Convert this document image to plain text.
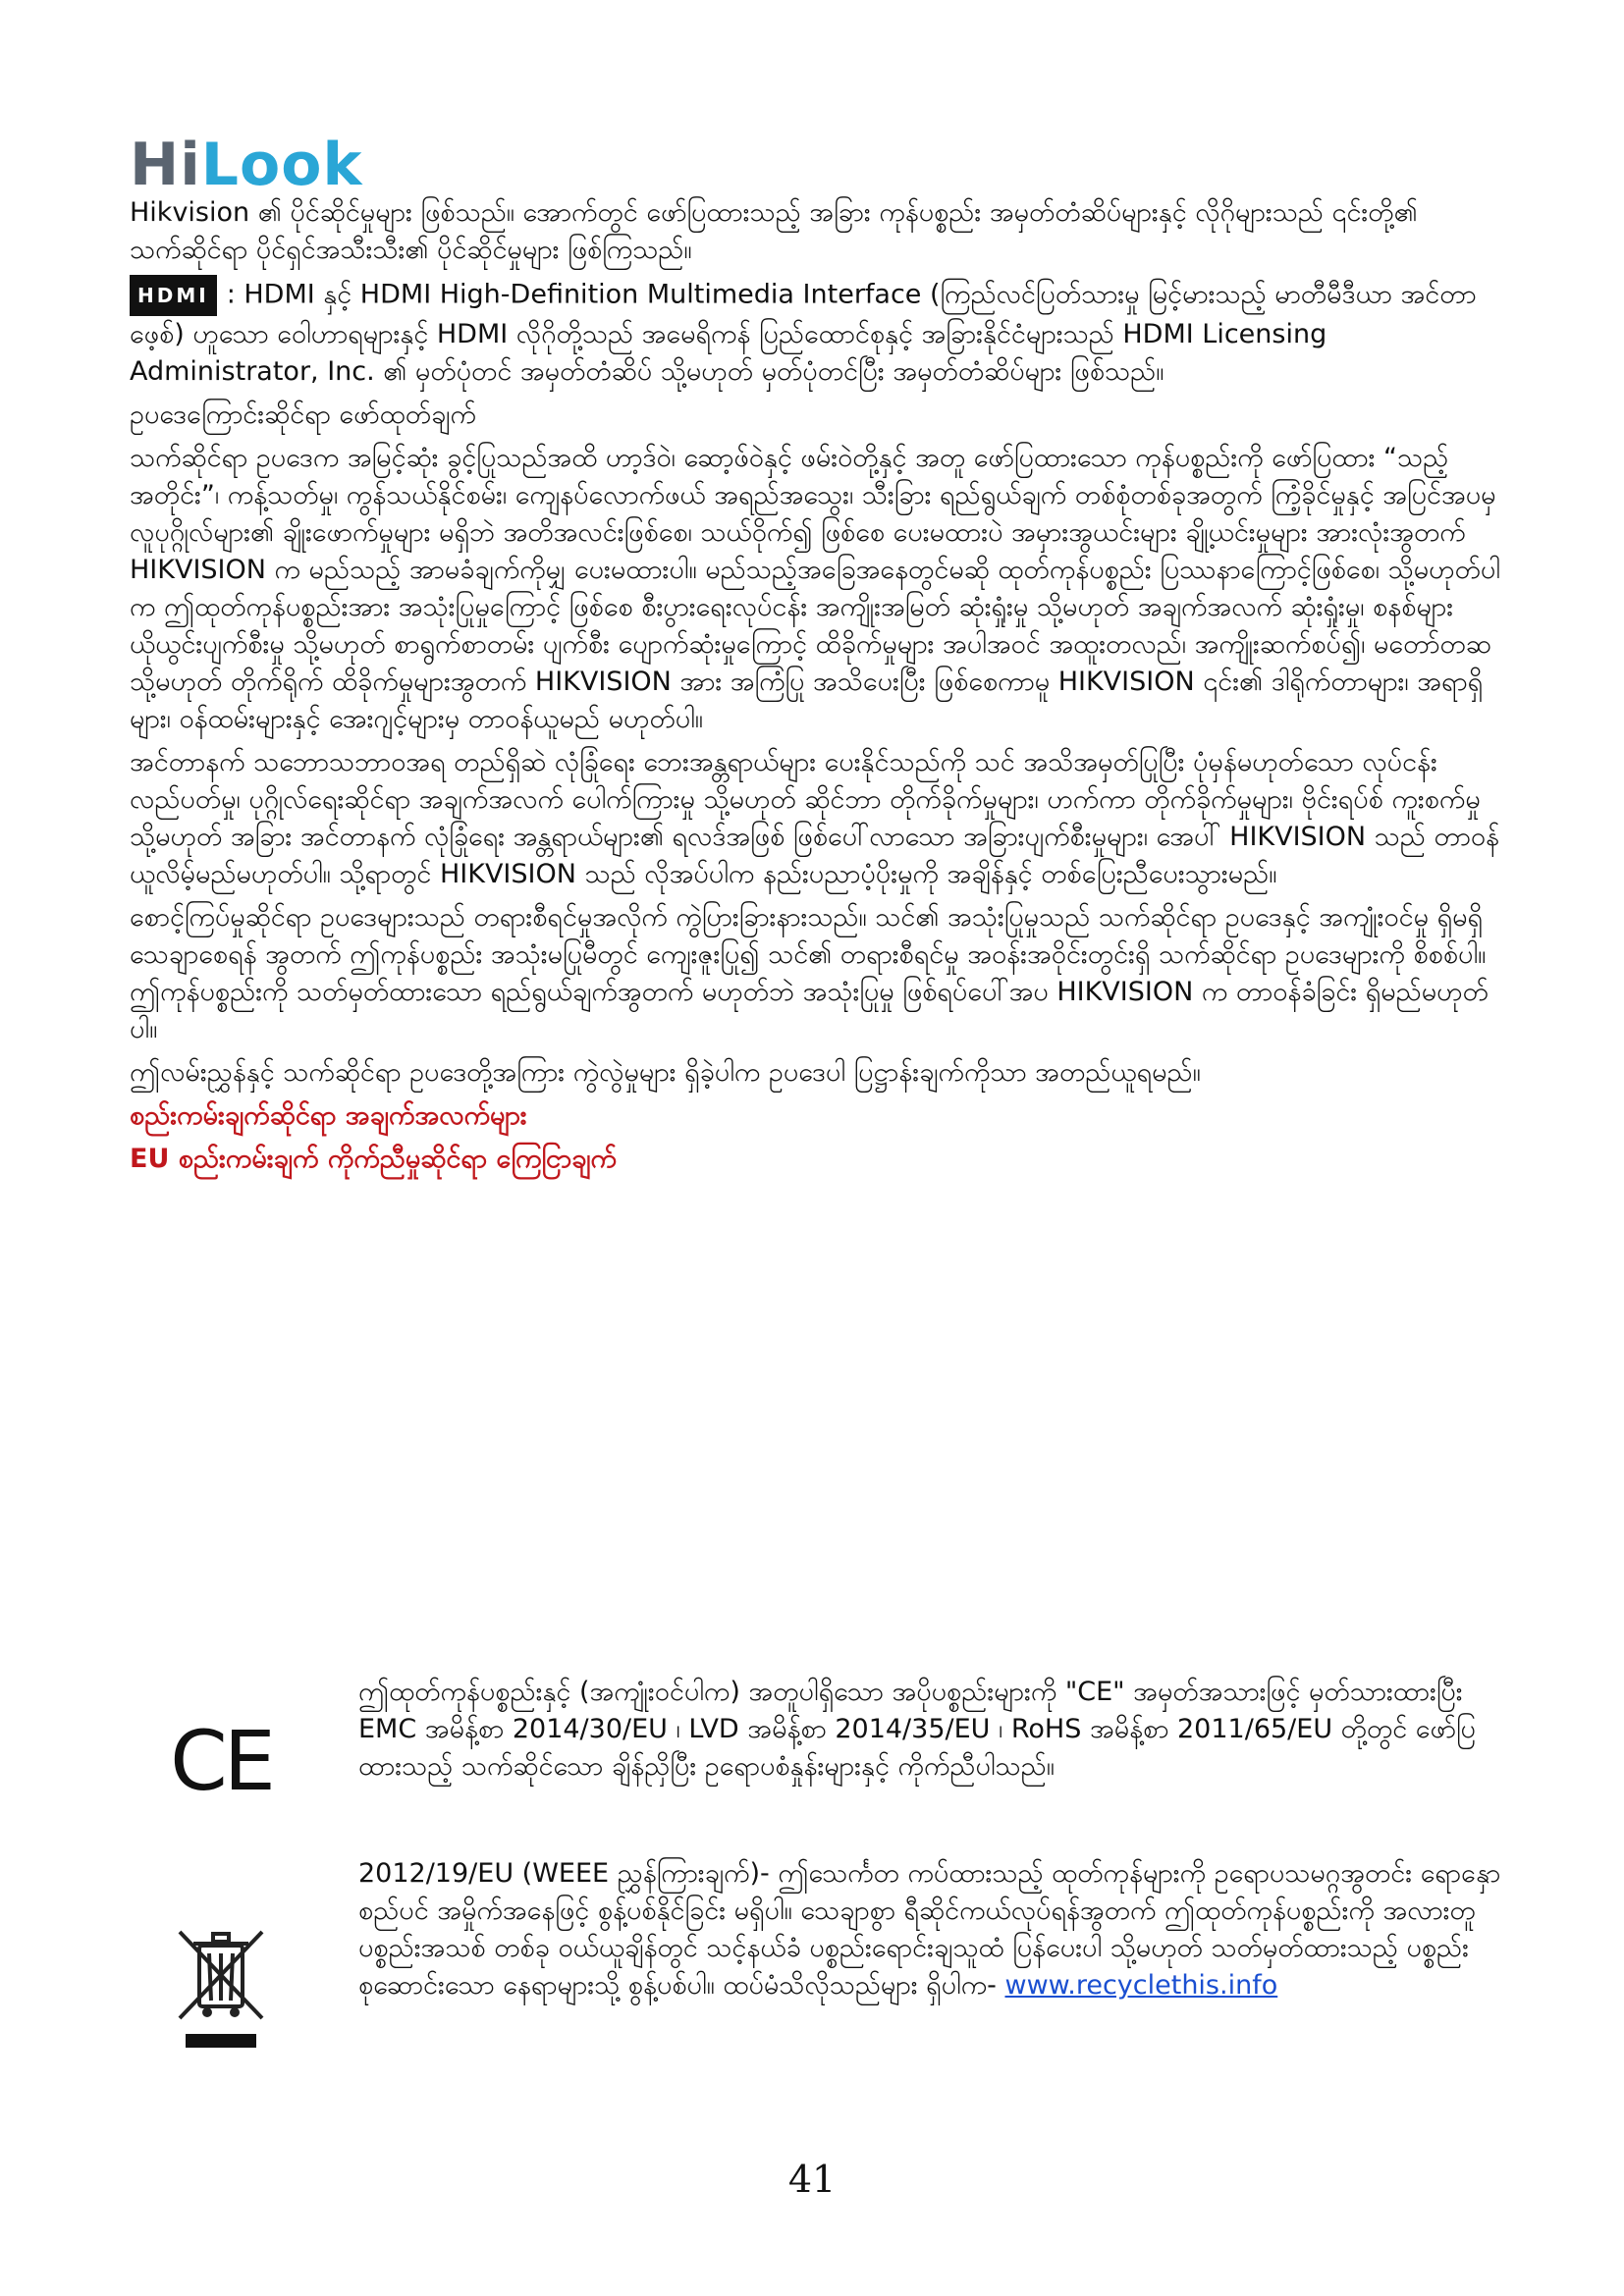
HiLook

Hikvision ၏ ပိုင်ဆိုင်မှုများ ဖြစ်သည်။ အောက်တွင် ဖော်ပြထားသည့် အခြား ကုန်ပစ္စည်း အမှတ်တံဆိပ်များနှင့် လိုဂိုများသည် ၎င်းတို့၏ သက်ဆိုင်ရာ ပိုင်ရှင်အသီးသီး၏ ပိုင်ဆိုင်မှုများ ဖြစ်ကြသည်။

HDMI : HDMI နှင့် HDMI High-Definition Multimedia Interface (ကြည်လင်ပြတ်သားမှု မြင့်မားသည့် မာတီမီဒီယာ အင်တာဖေ့စ်) ဟူသော ဝေါဟာရများနှင့် HDMI လိုဂိုတို့သည် အမေရိကန် ပြည်ထောင်စုနှင့် အခြားနိုင်ငံများသည် HDMI Licensing Administrator, Inc. ၏ မှတ်ပုံတင် အမှတ်တံဆိပ် သို့မဟုတ် မှတ်ပုံတင်ပြီး အမှတ်တံဆိပ်များ ဖြစ်သည်။

ဥပဒေကြောင်းဆိုင်ရာ ဖော်ထုတ်ချက်

သက်ဆိုင်ရာ ဥပဒေက အမြင့်ဆုံး ခွင့်ပြုသည်အထိ ဟာ့ဒ်ဝဲ၊ ဆော့ဖ်ဝဲနှင့် ဖမ်းဝဲတို့နှင့် အတူ ဖော်ပြထားသော ကုန်ပစ္စည်းကို ဖော်ပြထား “သည့်အတိုင်း”၊ ကန့်သတ်မှု၊ ကွန်သယ်နိုင်စမ်း၊ ကျေနပ်လောက်ဖယ် အရည်အသွေး၊ သီးခြား ရည်ရွယ်ချက် တစ်စုံတစ်ခုအတွက် ကြံ့ခိုင်မှုနှင့် အပြင်အပမှ လူပုဂ္ဂိုလ်များ၏ ချိုးဖောက်မှုများ မရှိဘဲ အတိအလင်းဖြစ်စေ၊ သယ်ဝိုက်၍ ဖြစ်စေ ပေးမထားပဲ အမှားအွယင်းများ ချို့ယင်းမှုများ အားလုံးအွတက် HIKVISION က မည်သည့် အာမခံချက်ကိုမျှ ပေးမထားပါ။ မည်သည့်အခြေအနေတွင်မဆို ထုတ်ကုန်ပစ္စည်း ပြဿနာကြောင့်ဖြစ်စေ၊ သို့မဟုတ်ပါက ဤထုတ်ကုန်ပစ္စည်းအား အသုံးပြုမှုကြောင့် ဖြစ်စေ စီးပွားရေးလုပ်ငန်း အကျိုးအမြတ် ဆုံးရှုံးမှု သို့မဟုတ် အချက်အလက် ဆုံးရှုံးမှု၊ စနစ်များ ယိုယွင်းပျက်စီးမှု သို့မဟုတ် စာရွက်စာတမ်း ပျက်စီး ပျောက်ဆုံးမှုကြောင့် ထိခိုက်မှုများ အပါအဝင် အထူးတလည်၊ အကျိုးဆက်စပ်၍၊ မတော်တဆ သို့မဟုတ် တိုက်ရိုက် ထိခိုက်မှုများအွတက် HIKVISION အား အကြံပြု အသိပေးပြီး ဖြစ်စေကာမူ HIKVISION ၎င်း၏ ဒါရိုက်တာများ၊ အရာရှိများ၊ ဝန်ထမ်းများနှင့် အေးဂျင့်များမှ တာဝန်ယူမည် မဟုတ်ပါ။

အင်တာနက် သဘောသဘာဝအရ တည်ရှိဆဲ လုံခြုံရေး ဘေးအန္တရာယ်များ ပေးနိုင်သည်ကို သင် အသိအမှတ်ပြုပြီး ပုံမှန်မဟုတ်သော လုပ်ငန်းလည်ပတ်မှု၊ ပုဂ္ဂိုလ်ရေးဆိုင်ရာ အချက်အလက် ပေါက်ကြားမှု သို့မဟုတ် ဆိုင်ဘာ တိုက်ခိုက်မှုများ၊ ဟက်ကာ တိုက်ခိုက်မှုများ၊ ဗိုင်းရပ်စ် ကူးစက်မှု သို့မဟုတ် အခြား အင်တာနက် လုံခြုံရေး အန္တရာယ်များ၏ ရလဒ်အဖြစ် ဖြစ်ပေါ်လာသော အခြားပျက်စီးမှုများ၊ အေပါ် HIKVISION သည် တာဝန်ယူလိမ့်မည်မဟုတ်ပါ။ သို့ရာတွင် HIKVISION သည် လိုအပ်ပါက နည်းပညာပံ့ပိုးမှုကို အချိန်နှင့် တစ်ပြေးညီပေးသွားမည်။

စောင့်ကြပ်မှုဆိုင်ရာ ဥပဒေများသည် တရားစီရင်မှုအလိုက် ကွဲပြားခြားနားသည်။ သင်၏ အသုံးပြုမှုသည် သက်ဆိုင်ရာ ဥပဒေနှင့် အကျုံးဝင်မှု ရှိမရှိ သေချာစေရန် အွတက် ဤကုန်ပစ္စည်း အသုံးမပြုမီတွင် ကျေးဇူးပြု၍ သင်၏ တရားစီရင်မှု အဝန်းအဝိုင်းတွင်းရှိ သက်ဆိုင်ရာ ဥပဒေများကို စိစစ်ပါ။ ဤကုန်ပစ္စည်းကို သတ်မှတ်ထားသော ရည်ရွယ်ချက်အွတက် မဟုတ်ဘဲ အသုံးပြုမှု ဖြစ်ရပ်ပေါ်အပ HIKVISION က တာဝန်ခံခြင်း ရှိမည်မဟုတ်ပါ။

ဤလမ်းညွှန်နှင့် သက်ဆိုင်ရာ ဥပဒေတို့အကြား ကွဲလွဲမှုများ ရှိခဲ့ပါက ဥပဒေပါ ပြဋ္ဌာန်းချက်ကိုသာ အတည်ယူရမည်။

စည်းကမ်းချက်ဆိုင်ရာ အချက်အလက်များ

EU စည်းကမ်းချက် ကိုက်ညီမှုဆိုင်ရာ ကြေငြာချက်

CE
ဤထုတ်ကုန်ပစ္စည်းနှင့် (အကျုံးဝင်ပါက) အတူပါရှိသော အပိုပစ္စည်းများကို "CE" အမှတ်အသားဖြင့် မှတ်သားထားပြီး EMC အမိန့်စာ 2014/30/EU ၊ LVD အမိန့်စာ 2014/35/EU ၊ RoHS အမိန့်စာ 2011/65/EU တို့တွင် ဖော်ပြထားသည့် သက်ဆိုင်သော ချိန်ညှိပြီး ဥရောပစံနှုန်းများနှင့် ကိုက်ညီပါသည်။
2012/19/EU (WEEE ညွှန်ကြားချက်)- ဤသေင်္ကတ ကပ်ထားသည့် ထုတ်ကုန်များကို ဥရောပသမဂ္ဂအွတင်း ရောနှောစည်ပင် အမှိုက်အနေဖြင့် စွန့်ပစ်နိုင်ခြင်း မရှိပါ။ သေချာစွာ ရီဆိုင်ကယ်လုပ်ရန်အွတက် ဤထုတ်ကုန်ပစ္စည်းကို အလားတူ ပစ္စည်းအသစ် တစ်ခု ဝယ်ယူချိန်တွင် သင့်နယ်ခံ ပစ္စည်းရောင်းချသူထံ ပြန်ပေးပါ သို့မဟုတ် သတ်မှတ်ထားသည့် ပစ္စည်းစုဆောင်းသော နေရာများသို့ စွန့်ပစ်ပါ။ ထပ်မံသိလိုသည်များ ရှိပါက- www.recyclethis.info
41
